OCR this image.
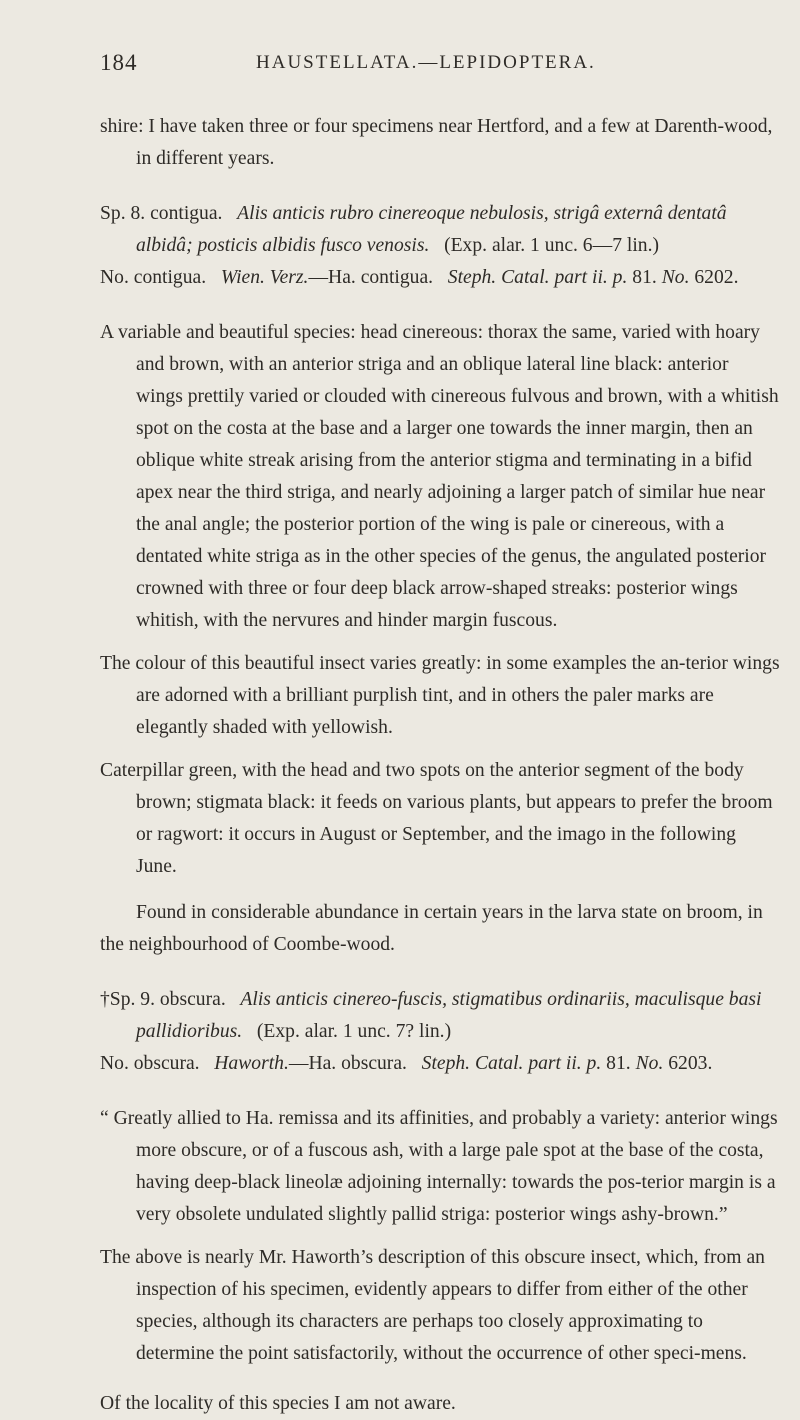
184	HAUSTELLATA.—LEPIDOPTERA.

shire: I have taken three or four specimens near Hertford, and a few at Darenth-wood, in different years.

Sp. 8. contigua. Alis anticis rubro cinereoque nebulosis, strigâ externâ dentatâ albidâ; posticis albidis fusco venosis. (Exp. alar. 1 unc. 6—7 lin.)

No. contigua. Wien. Verz.—Ha. contigua. Steph. Catal. part ii. p. 81. No. 6202.

A variable and beautiful species: head cinereous: thorax the same, varied with hoary and brown, with an anterior striga and an oblique lateral line black: anterior wings prettily varied or clouded with cinereous fulvous and brown, with a whitish spot on the costa at the base and a larger one towards the inner margin, then an oblique white streak arising from the anterior stigma and terminating in a bifid apex near the third striga, and nearly adjoining a larger patch of similar hue near the anal angle; the posterior portion of the wing is pale or cinereous, with a dentated white striga as in the other species of the genus, the angulated posterior crowned with three or four deep black arrow-shaped streaks: posterior wings whitish, with the nervures and hinder margin fuscous.

The colour of this beautiful insect varies greatly: in some examples the an-terior wings are adorned with a brilliant purplish tint, and in others the paler marks are elegantly shaded with yellowish.

Caterpillar green, with the head and two spots on the anterior segment of the body brown; stigmata black: it feeds on various plants, but appears to prefer the broom or ragwort: it occurs in August or September, and the imago in the following June.

Found in considerable abundance in certain years in the larva state on broom, in the neighbourhood of Coombe-wood.

†Sp. 9. obscura. Alis anticis cinereo-fuscis, stigmatibus ordinariis, maculisque basi pallidioribus. (Exp. alar. 1 unc. 7? lin.)

No. obscura. Haworth.—Ha. obscura. Steph. Catal. part ii. p. 81. No. 6203.

“ Greatly allied to Ha. remissa and its affinities, and probably a variety: anterior wings more obscure, or of a fuscous ash, with a large pale spot at the base of the costa, having deep-black lineolæ adjoining internally: towards the pos-terior margin is a very obsolete undulated slightly pallid striga: posterior wings ashy-brown.”

The above is nearly Mr. Haworth’s description of this obscure insect, which, from an inspection of his specimen, evidently appears to differ from either of the other species, although its characters are perhaps too closely approximating to determine the point satisfactorily, without the occurrence of other speci-mens.

Of the locality of this species I am not aware.
